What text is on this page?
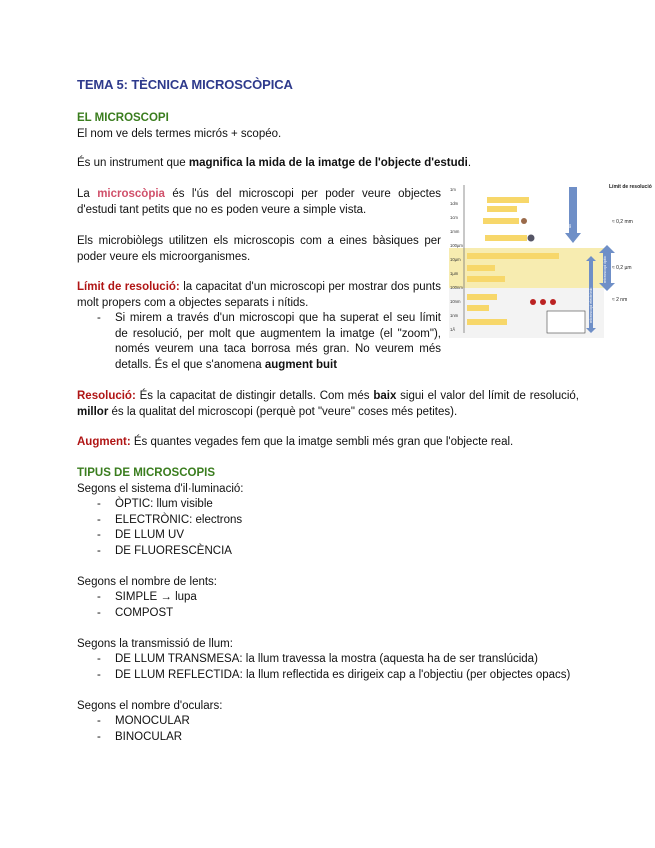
TEMA 5: TÈCNICA MICROSCÒPICA
EL MICROSCOPI
El nom ve dels termes micrós + scopéo.
És un instrument que magnifica la mida de la imatge de l'objecte d'estudi.
La microscòpia és l'ús del microscopi per poder veure objectes d'estudi tant petits que no es poden veure a simple vista.
Els microbiòlegs utilitzen els microscopis com a eines bàsiques per poder veure els microorganismes.
Límit de resolució: la capacitat d'un microscopi per mostrar dos punts molt propers com a objectes separats i nítids.
- Si mirem a través d'un microscopi que ha superat el seu límit de resolució, per molt que augmentem la imatge (el "zoom"), només veurem una taca borrosa més gran. No veurem més detalls. És el que s'anomena augment buit
Resolució: És la capacitat de distingir detalls. Com més baix sigui el valor del límit de resolució, millor és la qualitat del microscopi (perquè pot "veure" coses més petites).
Augment: És quantes vegades fem que la imatge sembli més gran que l'objecte real.
TIPUS DE MICROSCOPIS
Segons el sistema d'il·luminació:
- ÒPTIC: llum visible
- ELECTRÒNIC: electrons
- DE LLUM UV
- DE FLUORESCÈNCIA
Segons el nombre de lents:
- SIMPLE → lupa
- COMPOST
Segons la transmissió de llum:
- DE LLUM TRANSMESA: la llum travessa la mostra (aquesta ha de ser translúcida)
- DE LLUM REFLECTIDA: la llum reflectida es dirigeix cap a l'objectiu (per objectes opacs)
Segons el nombre d'oculars:
- MONOCULAR
- BINOCULAR
1m
1dm
1cm
1mm
100µm
10µm
1µm
100nm
10nm
1nm
1Å
Límit de resolució
≈ 0,2 mm
≈ 0,2 µm
≈ 2 nm
ull
microscopi òptic
microscopi electrònic
